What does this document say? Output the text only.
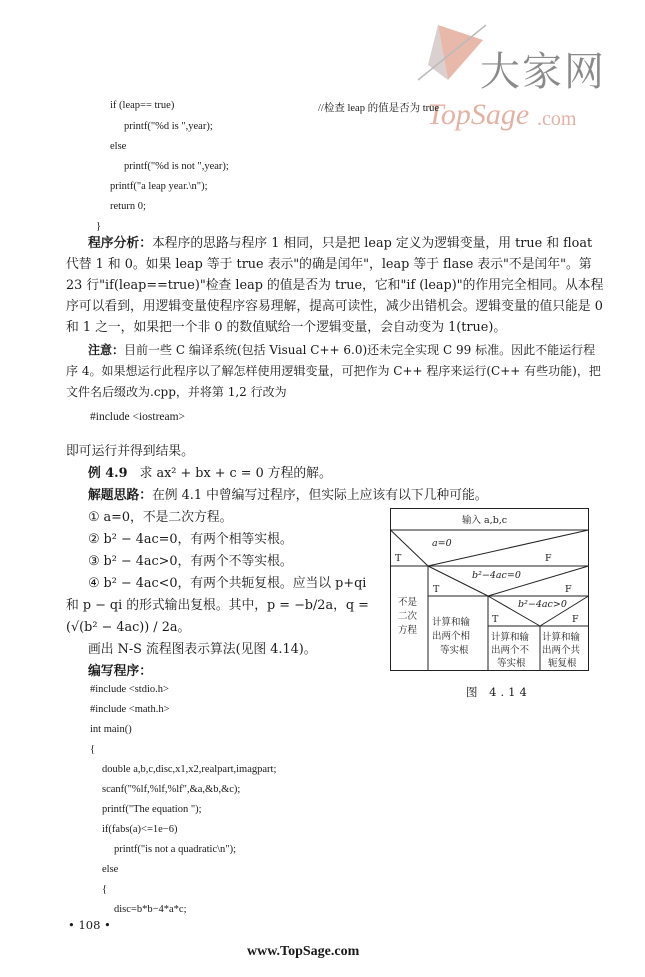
大家网
TopSage .com
if (leap== true)	//检查 leap 的值是否为 true
printf("%d is ",year);
else
printf("%d is not ",year);
printf("a leap year.\n");
return 0;
}
程序分析：本程序的思路与程序 1 相同，只是把 leap 定义为逻辑变量，用 true 和 float 代替 1 和 0。如果 leap 等于 true 表示"的确是闰年"，leap 等于 flase 表示"不是闰年"。第 23 行"if(leap==true)"检查 leap 的值是否为 true，它和"if (leap)"的作用完全相同。从本程序可以看到，用逻辑变量使程序容易理解，提高可读性，减少出错机会。逻辑变量的值只能是 0 和 1 之一，如果把一个非 0 的数值赋给一个逻辑变量，会自动变为 1(true)。
注意：目前一些 C 编译系统(包括 Visual C++ 6.0)还未完全实现 C 99 标准。因此不能运行程序 4。如果想运行此程序以了解怎样使用逻辑变量，可把作为 C++ 程序来运行(C++ 有些功能)，把文件名后缀改为.cpp，并将第 1,2 行改为
#include <iostream>
即可运行并得到结果。
例 4.9 求 ax² + bx + c = 0 方程的解。
解题思路：在例 4.1 中曾编写过程序，但实际上应该有以下几种可能。
① a=0，不是二次方程。
② b² − 4ac=0，有两个相等实根。
③ b² − 4ac>0，有两个不等实根。
④ b² − 4ac<0，有两个共轭复根。应当以 p+qi
和 p − qi 的形式输出复根。其中，p = −b/2a，q =
(√(b² − 4ac)) / 2a。
画出 N-S 流程图表示算法(见图 4.14)。
编写程序：
输入 a,b,c
a=0
T	F
b²−4ac=0
T	F
b²−4ac>0
T	F
不是
二次
方程
计算和输
出两个相
等实根
计算和输
出两个不
等实根
计算和输
出两个共
轭复根
图 4.14
#include <stdio.h>
#include <math.h>
int main()
{
double a,b,c,disc,x1,x2,realpart,imagpart;
scanf("%lf,%lf,%lf",&a,&b,&c);
printf("The equation ");
if(fabs(a)<=1e−6)
printf("is not a quadratic\n");
else
{
disc=b*b−4*a*c;
• 108 •
www.TopSage.com
